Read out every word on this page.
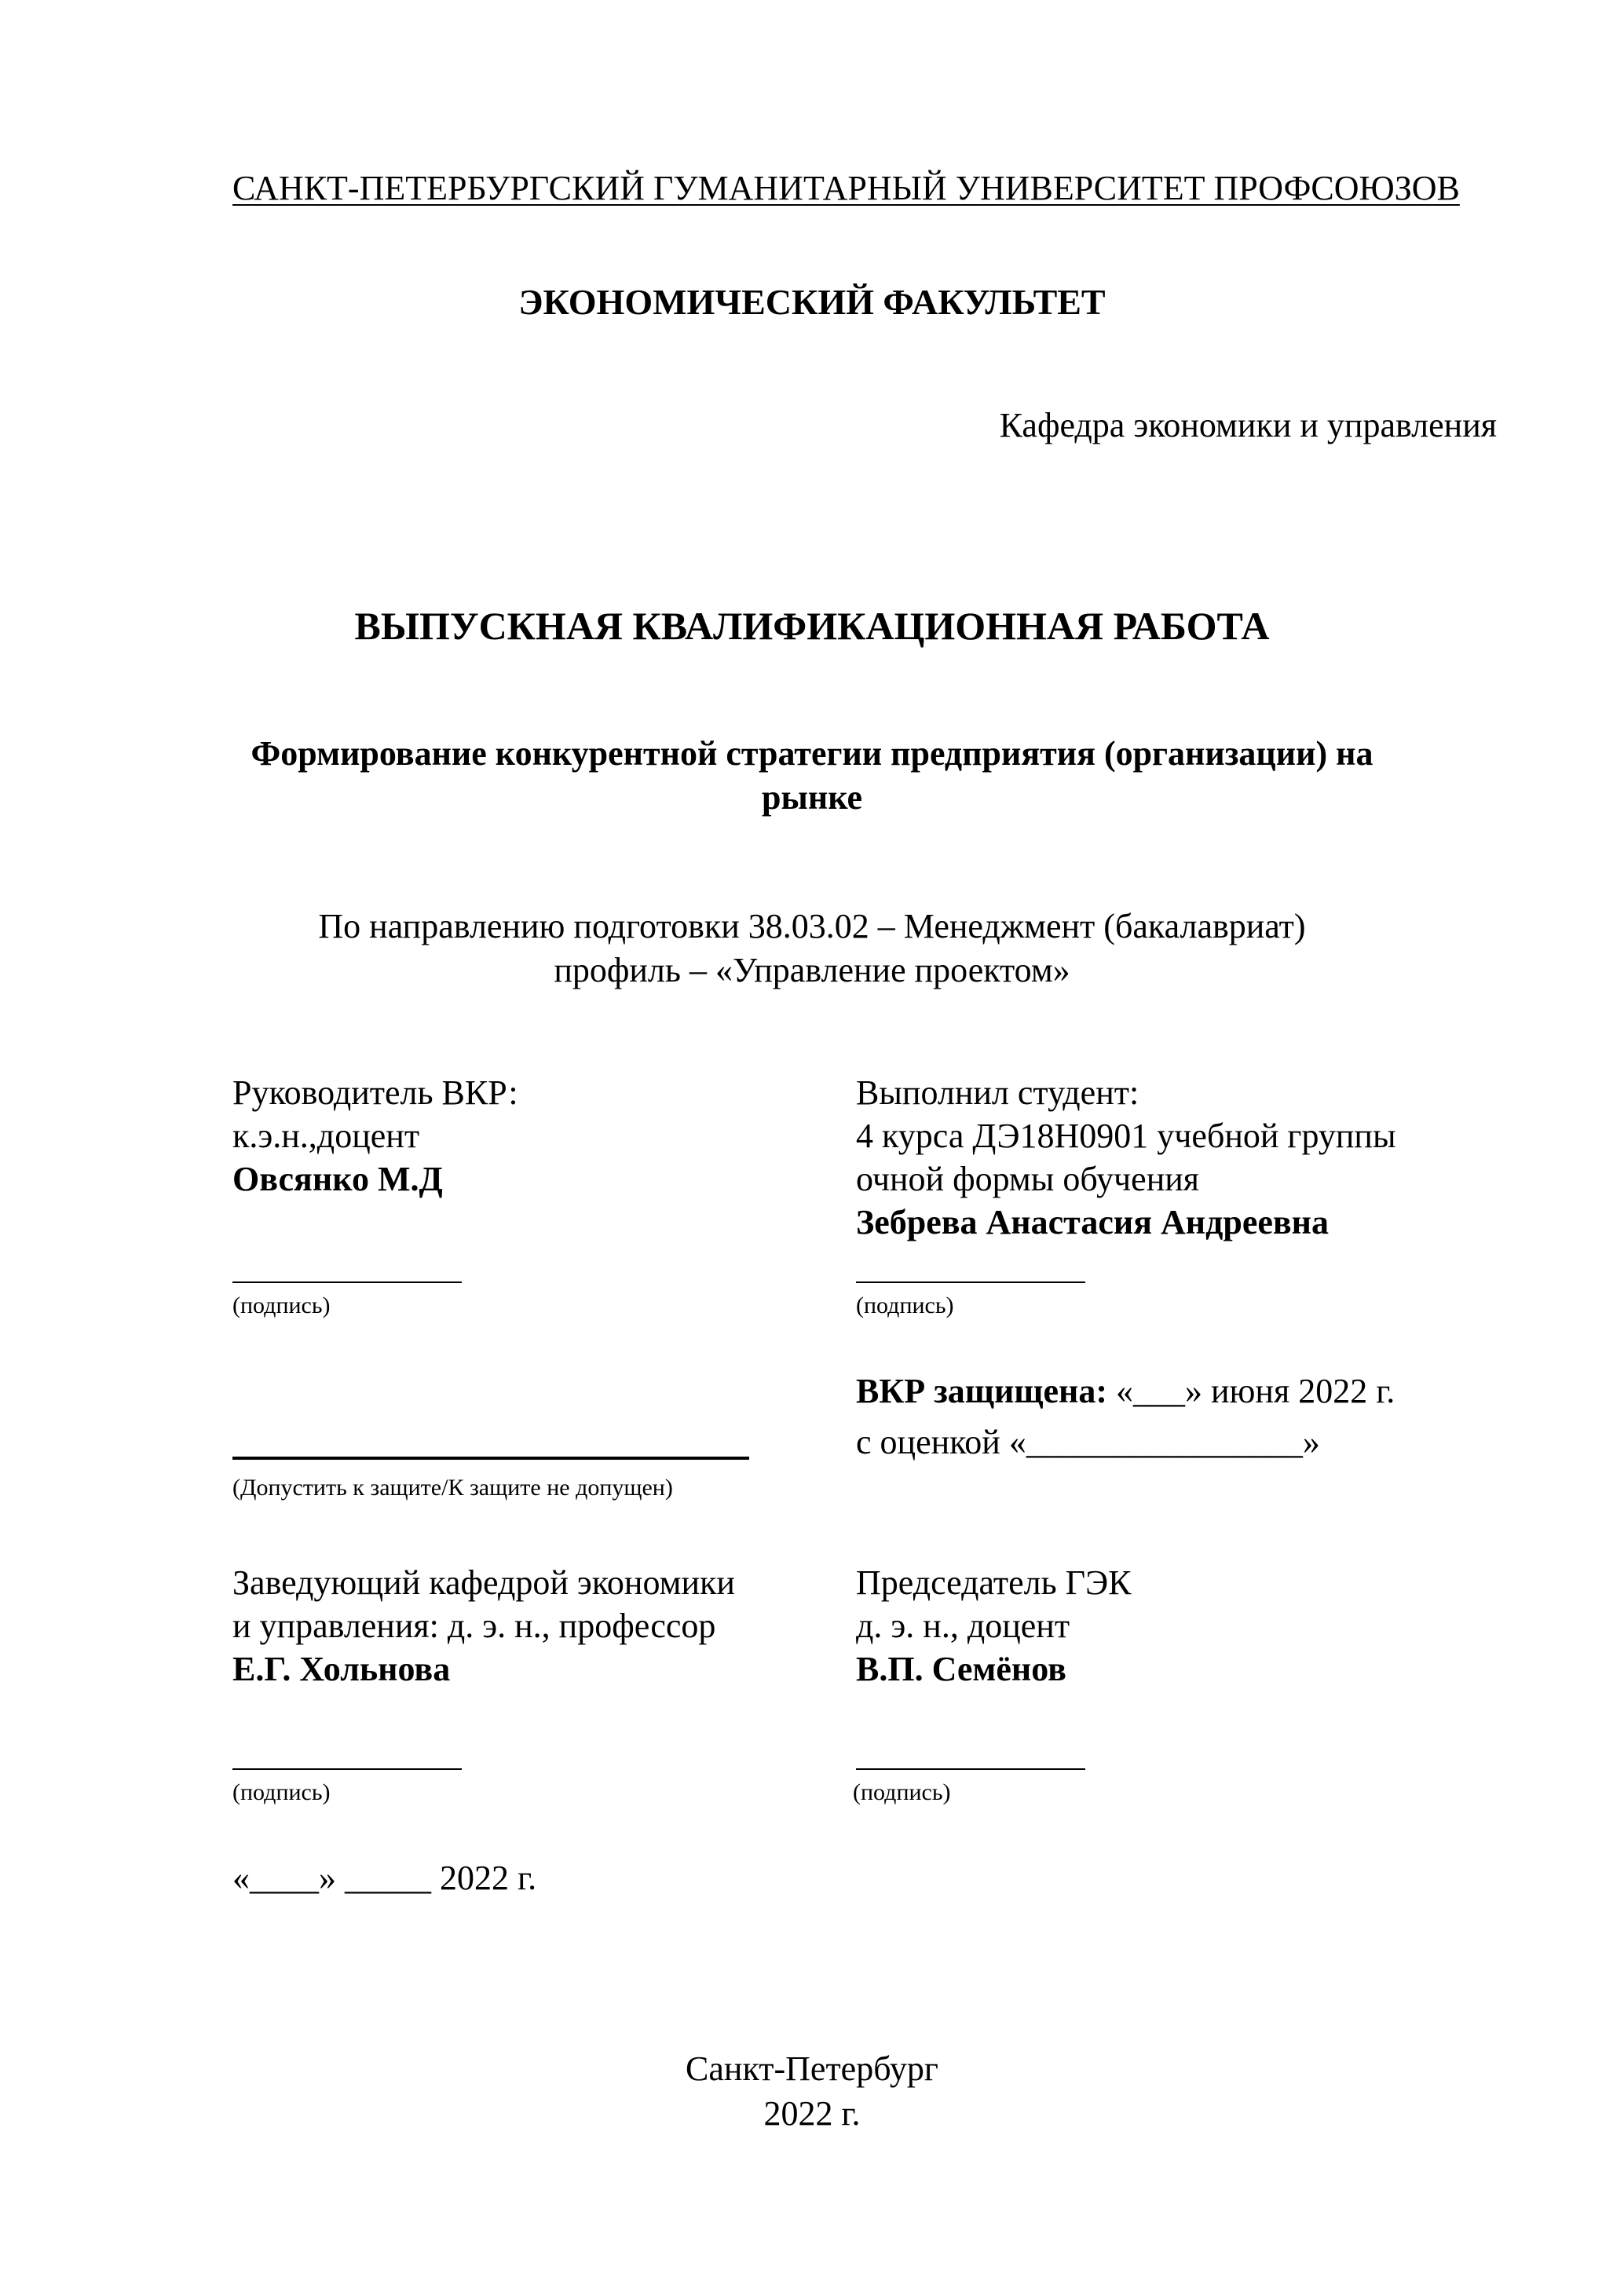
САНКТ-ПЕТЕРБУРГСКИЙ ГУМАНИТАРНЫЙ УНИВЕРСИТЕТ ПРОФСОЮЗОВ
ЭКОНОМИЧЕСКИЙ ФАКУЛЬТЕТ
Кафедра экономики и управления
ВЫПУСКНАЯ КВАЛИФИКАЦИОННАЯ РАБОТА
Формирование конкурентной стратегии предприятия (организации) на
рынке
По направлению подготовки 38.03.02 – Менеджмент (бакалавриат)
профиль – «Управление проектом»
Руководитель ВКР:
к.э.н.,доцент
Овсянко М.Д
(подпись)
Выполнил студент:
4 курса ДЭ18Н0901 учебной группы
очной формы обучения
Зебрева Анастасия Андреевна
(подпись)
ВКР защищена: «___» июня 2022 г.
с оценкой «________________»
(Допустить к защите/К защите не допущен)
Заведующий кафедрой экономики
и управления: д. э. н., профессор
Е.Г. Хольнова
(подпись)
Председатель ГЭК
д. э. н., доцент
В.П. Семёнов
(подпись)
«____» _____ 2022 г.
Санкт-Петербург
2022 г.
